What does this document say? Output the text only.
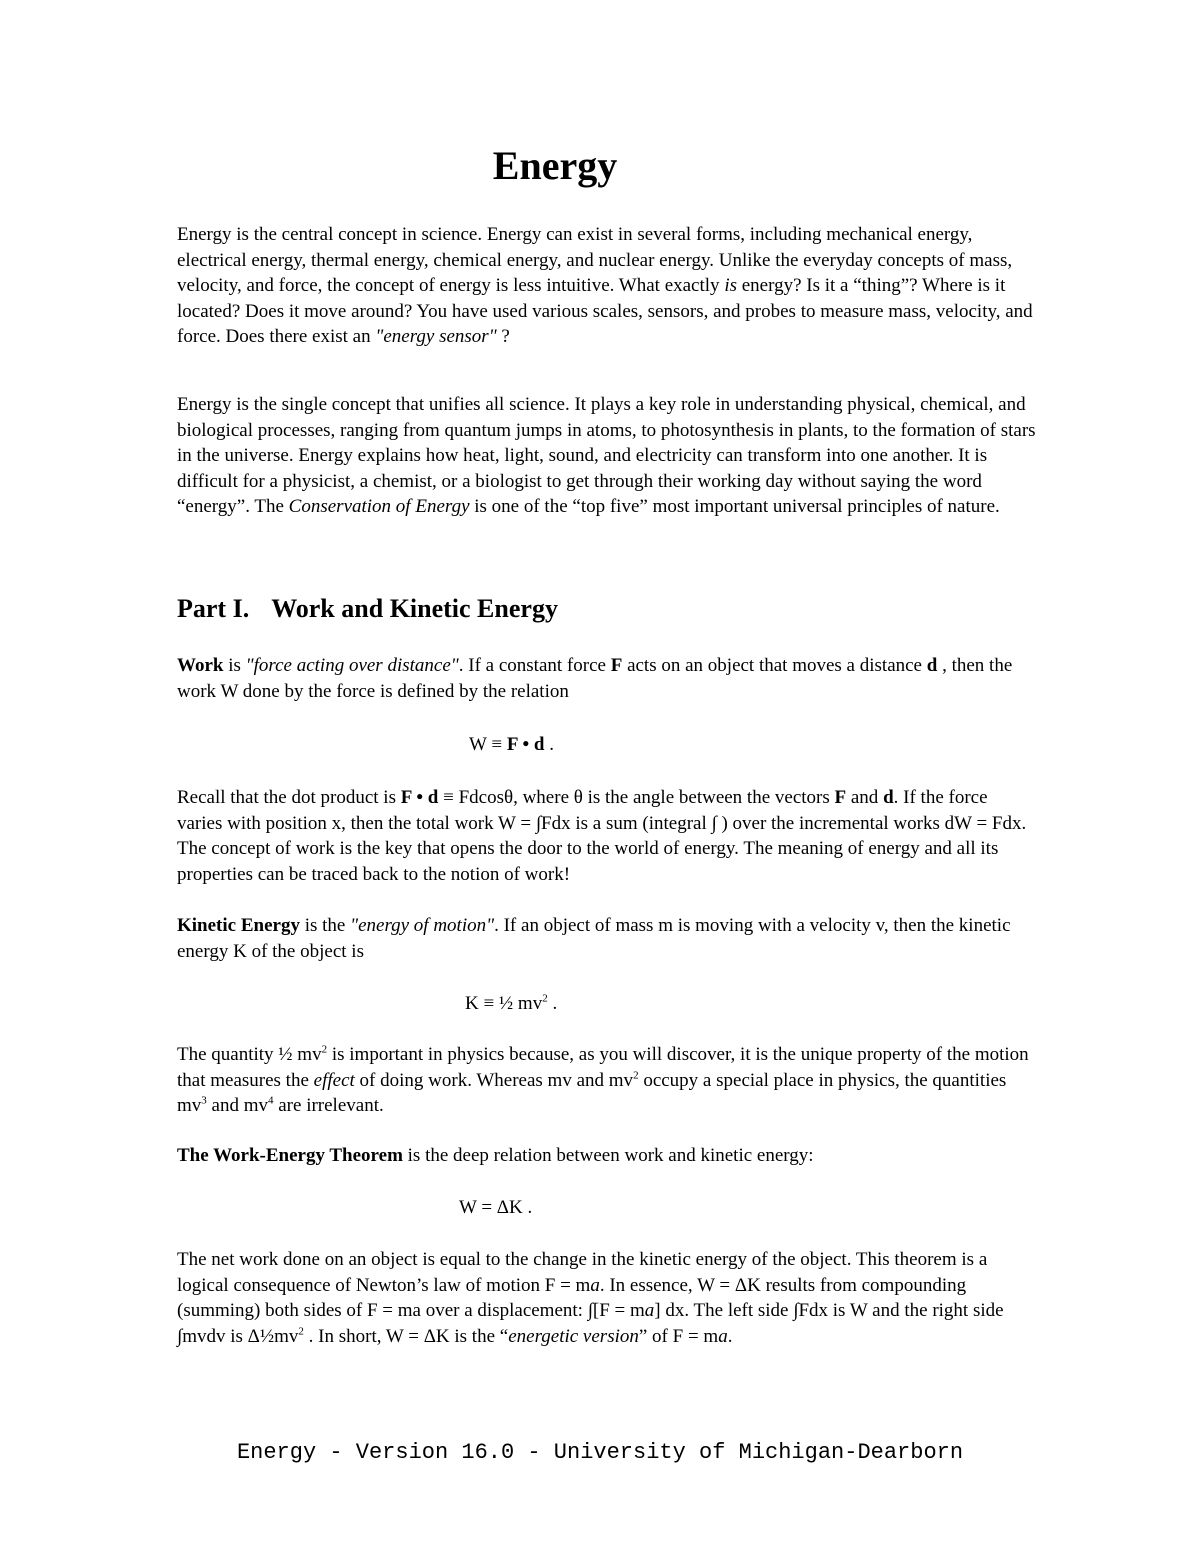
Energy

Energy is the central concept in science. Energy can exist in several forms, including mechanical energy, electrical energy, thermal energy, chemical energy, and nuclear energy. Unlike the everyday concepts of mass, velocity, and force, the concept of energy is less intuitive. What exactly is energy? Is it a “thing”? Where is it located? Does it move around? You have used various scales, sensors, and probes to measure mass, velocity, and force. Does there exist an "energy sensor" ?

Energy is the single concept that unifies all science. It plays a key role in understanding physical, chemical, and biological processes, ranging from quantum jumps in atoms, to photosynthesis in plants, to the formation of stars in the universe. Energy explains how heat, light, sound, and electricity can transform into one another. It is difficult for a physicist, a chemist, or a biologist to get through their working day without saying the word “energy”. The Conservation of Energy is one of the “top five” most important universal principles of nature.

Part I. Work and Kinetic Energy

Work is "force acting over distance". If a constant force F acts on an object that moves a distance d , then the work W done by the force is defined by the relation

W ≡ F • d .

Recall that the dot product is F • d ≡ Fdcosθ, where θ is the angle between the vectors F and d. If the force varies with position x, then the total work W = ∫Fdx is a sum (integral ∫ ) over the incremental works dW = Fdx. The concept of work is the key that opens the door to the world of energy. The meaning of energy and all its properties can be traced back to the notion of work!

Kinetic Energy is the "energy of motion". If an object of mass m is moving with a velocity v, then the kinetic energy K of the object is

K ≡ ½ $mv^2$ .

The quantity ½ $mv^2$ is important in physics because, as you will discover, it is the unique property of the motion that measures the effect of doing work. Whereas mv and $mv^2$ occupy a special place in physics, the quantities $mv^3$ and $mv^4$ are irrelevant.

The Work-Energy Theorem is the deep relation between work and kinetic energy:

W = ΔK .

The net work done on an object is equal to the change in the kinetic energy of the object. This theorem is a logical consequence of Newton’s law of motion F = ma. In essence, W = ΔK results from compounding (summing) both sides of F = ma over a displacement: ∫[F = ma] dx. The left side ∫Fdx is W and the right side ∫mvdv is $\Delta\frac{1}{2}mv^2$ . In short, W = ΔK is the “energetic version” of F = ma.

Energy - Version 16.0 - University of Michigan-Dearborn
